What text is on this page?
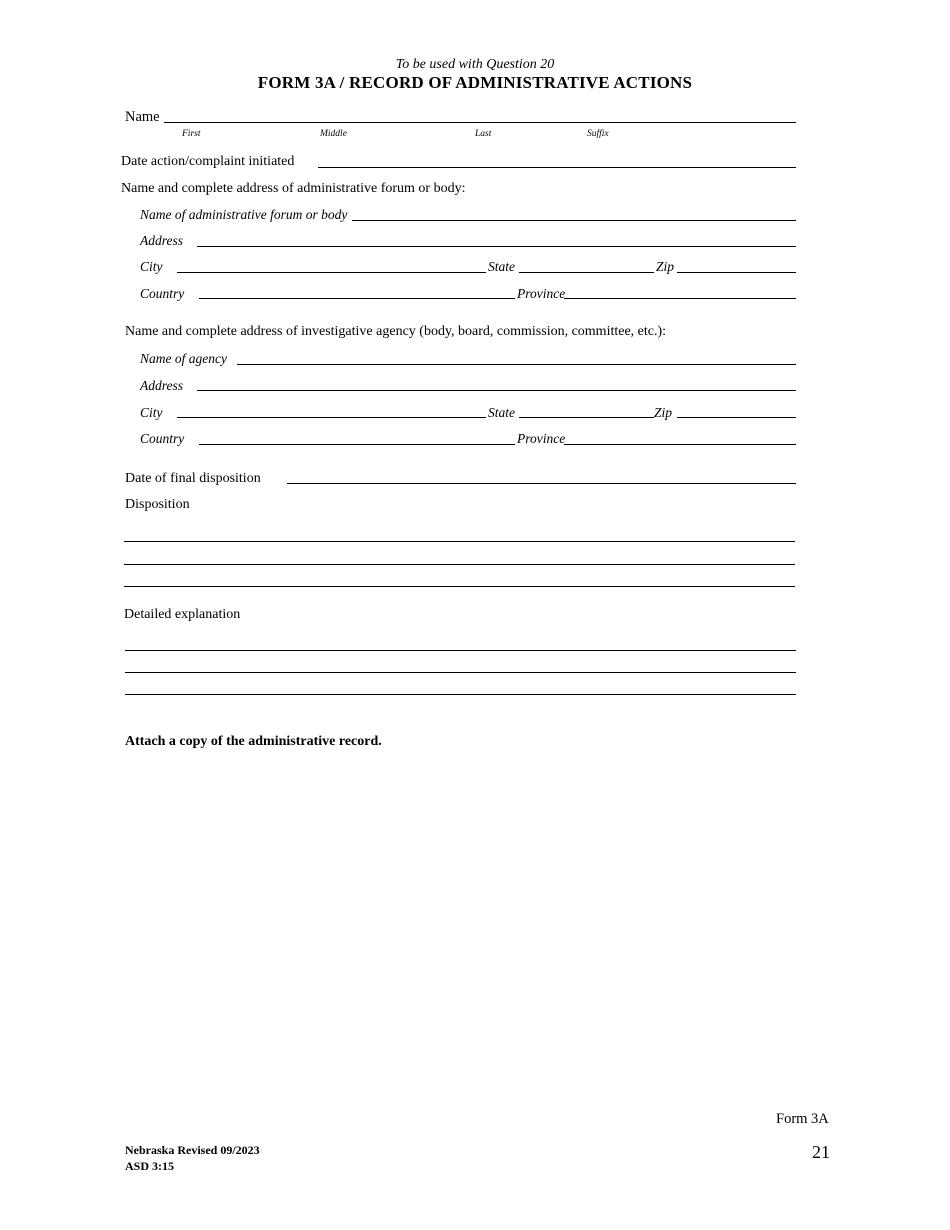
To be used with Question 20
FORM 3A / RECORD OF ADMINISTRATIVE ACTIONS
Name
First	Middle	Last	Suffix
Date action/complaint initiated
Name and complete address of administrative forum or body:
Name of administrative forum or body
Address
City	State	Zip
Country	Province
Name and complete address of investigative agency (body, board, commission, committee, etc.):
Name of agency
Address
City	State	Zip
Country	Province
Date of final disposition
Disposition
Detailed explanation
Attach a copy of the administrative record.
Form 3A
21
Nebraska Revised 09/2023
ASD 3:15
